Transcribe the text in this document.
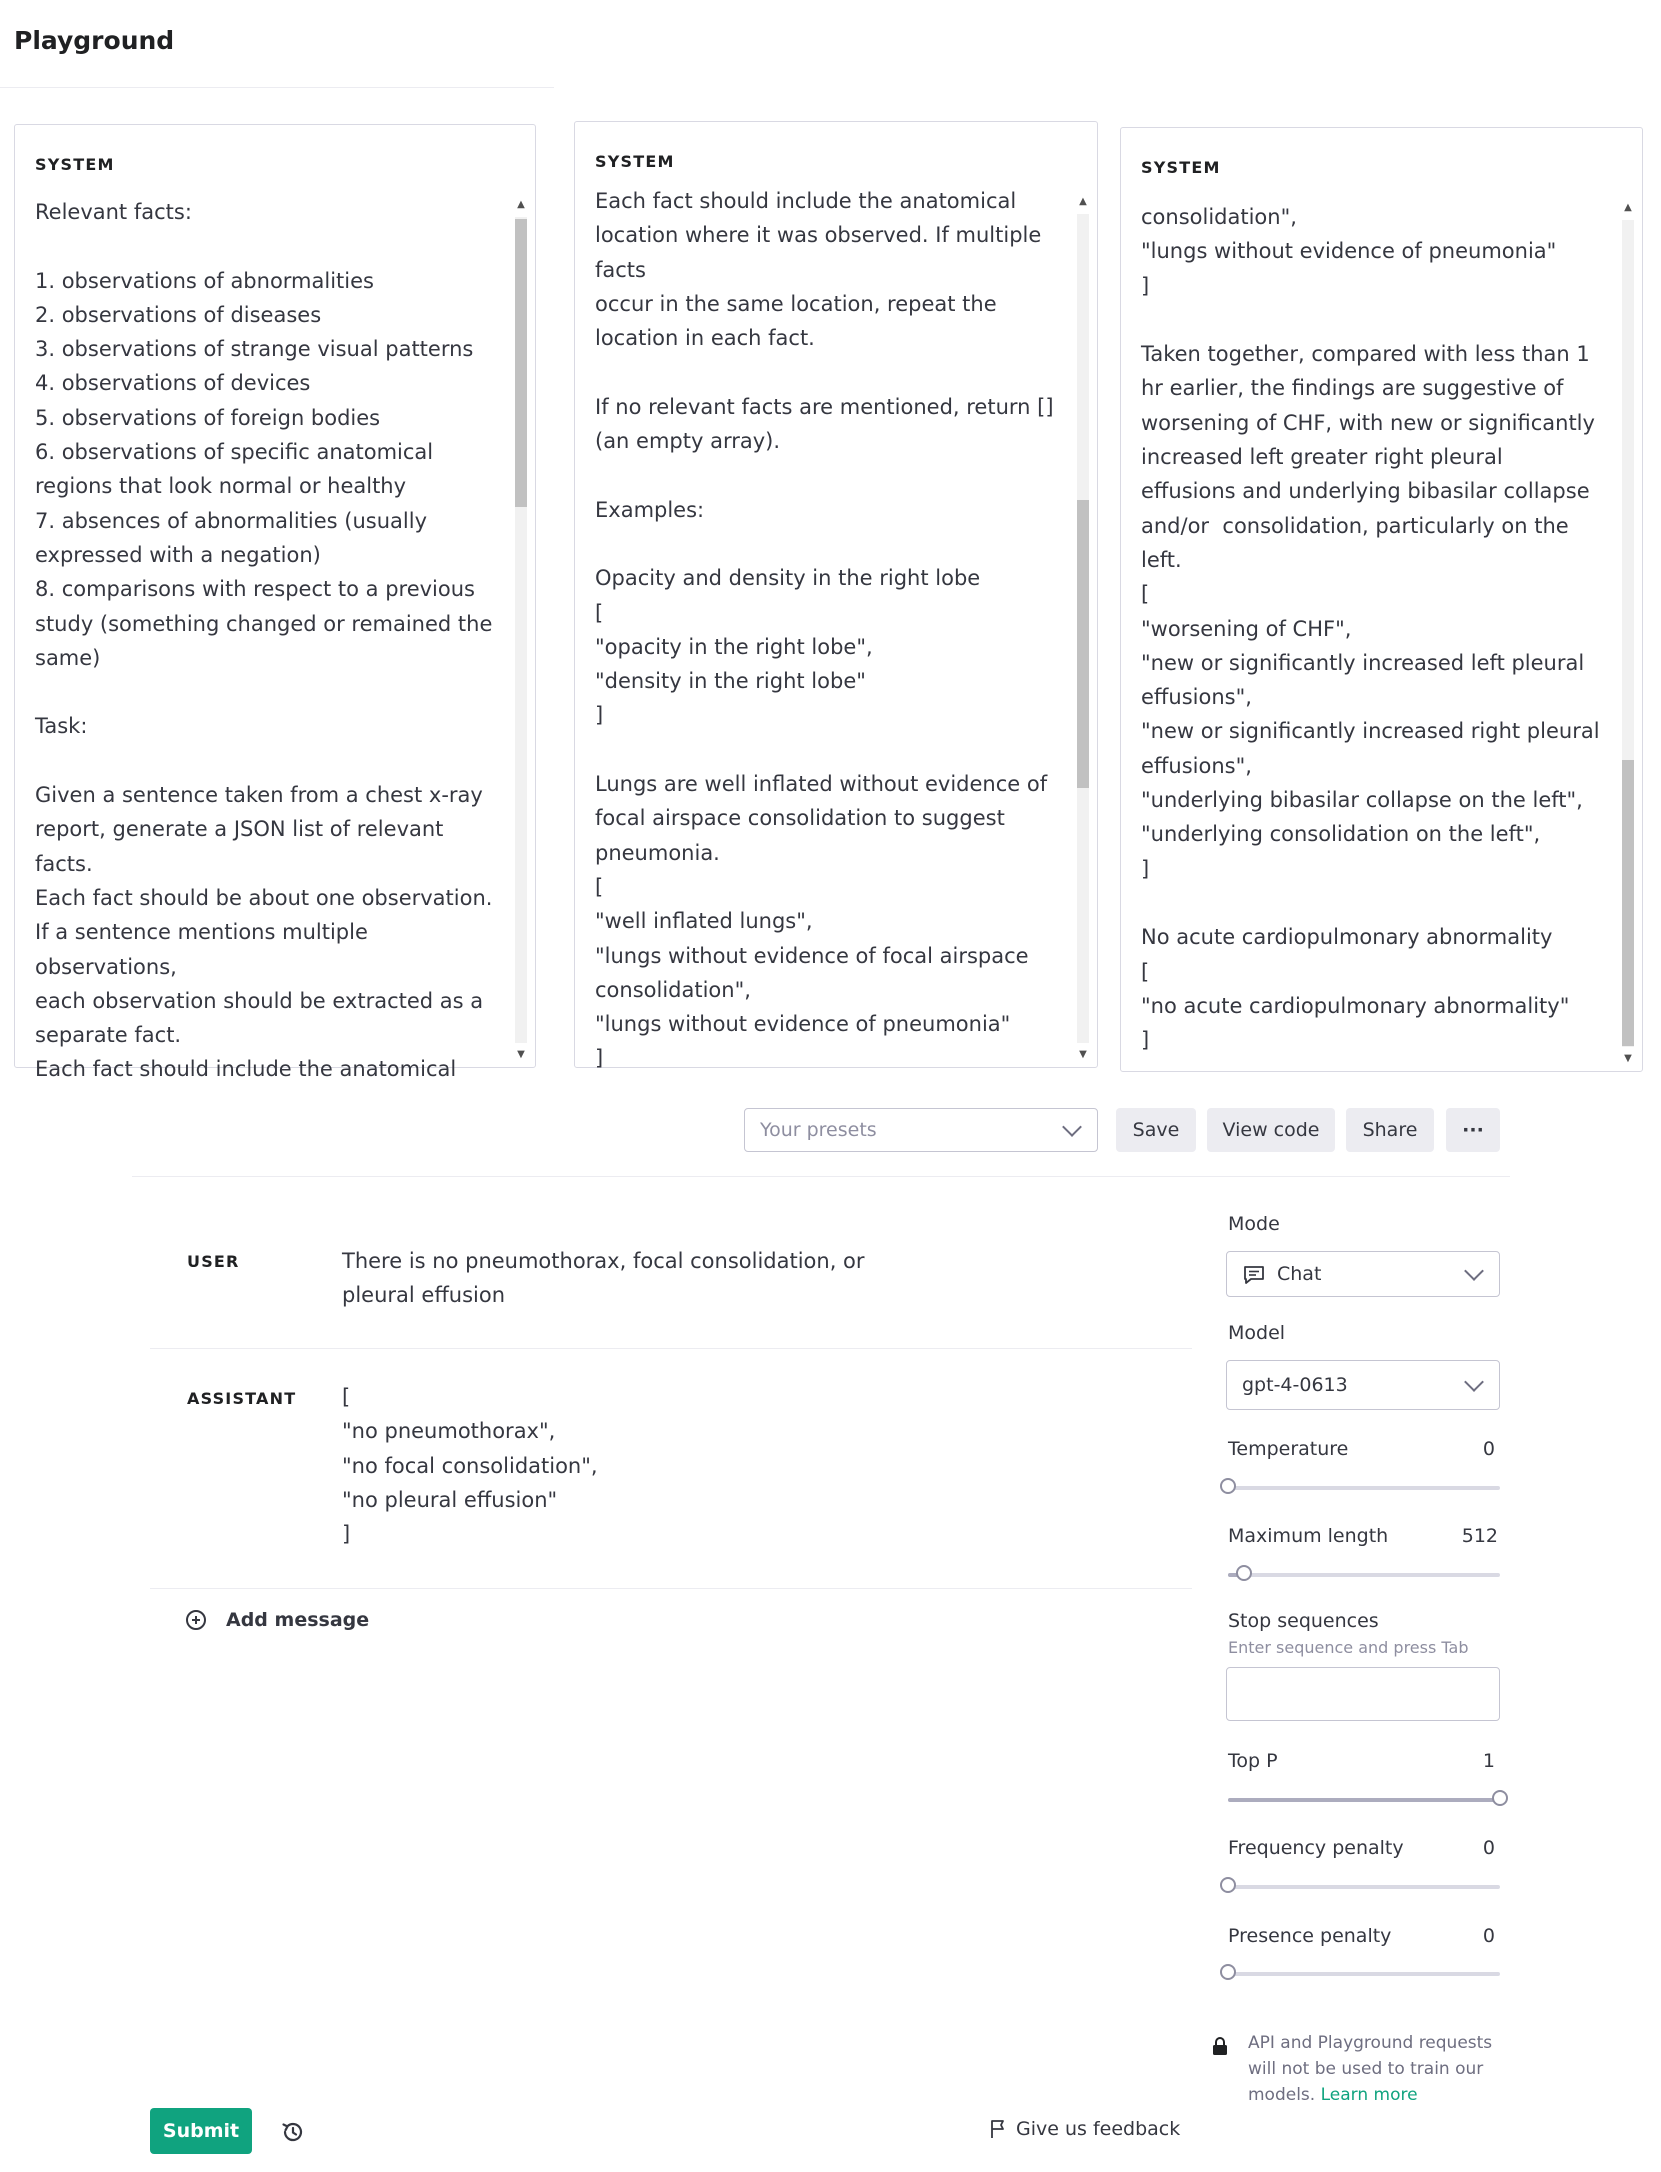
Playground
SYSTEM
Relevant facts:
1. observations of abnormalities
2. observations of diseases
3. observations of strange visual patterns
4. observations of devices
5. observations of foreign bodies
6. observations of specific anatomical
regions that look normal or healthy
7. absences of abnormalities (usually
expressed with a negation)
8. comparisons with respect to a previous
study (something changed or remained the
same)
Task:
Given a sentence taken from a chest x-ray
report, generate a JSON list of relevant
facts.
Each fact should be about one observation.
If a sentence mentions multiple
observations,
each observation should be extracted as a
separate fact.
Each fact should include the anatomical
▲
▼
SYSTEM
Each fact should include the anatomical
location where it was observed. If multiple
facts
occur in the same location, repeat the
location in each fact.
If no relevant facts are mentioned, return []
(an empty array).
Examples:
Opacity and density in the right lobe
[
"opacity in the right lobe",
"density in the right lobe"
]
Lungs are well inflated without evidence of
focal airspace consolidation to suggest
pneumonia.
[
"well inflated lungs",
"lungs without evidence of focal airspace
consolidation",
"lungs without evidence of pneumonia"
]
▲
▼
SYSTEM
consolidation",
"lungs without evidence of pneumonia"
]
Taken together, compared with less than 1
hr earlier, the findings are suggestive of
worsening of CHF, with new or significantly
increased left greater right pleural
effusions and underlying bibasilar collapse
and/or  consolidation, particularly on the
left.
[
"worsening of CHF",
"new or significantly increased left pleural
effusions",
"new or significantly increased right pleural
effusions",
"underlying bibasilar collapse on the left",
"underlying consolidation on the left",
]
No acute cardiopulmonary abnormality
[
"no acute cardiopulmonary abnormality"
]
▲
▼
Your presets	Save	View code	Share	···
USER	There is no pneumothorax, focal consolidation, or
pleural effusion
ASSISTANT [
"no pneumothorax",
"no focal consolidation",
"no pleural effusion"
]
Add message
Mode
Chat
Model
gpt-4-0613
Temperature	0
Maximum length	512
Stop sequences
Enter sequence and press Tab
Top P	1
Frequency penalty	0
Presence penalty	0
API and Playground requests will not be used to train our models. Learn more
Submit	Give us feedback
